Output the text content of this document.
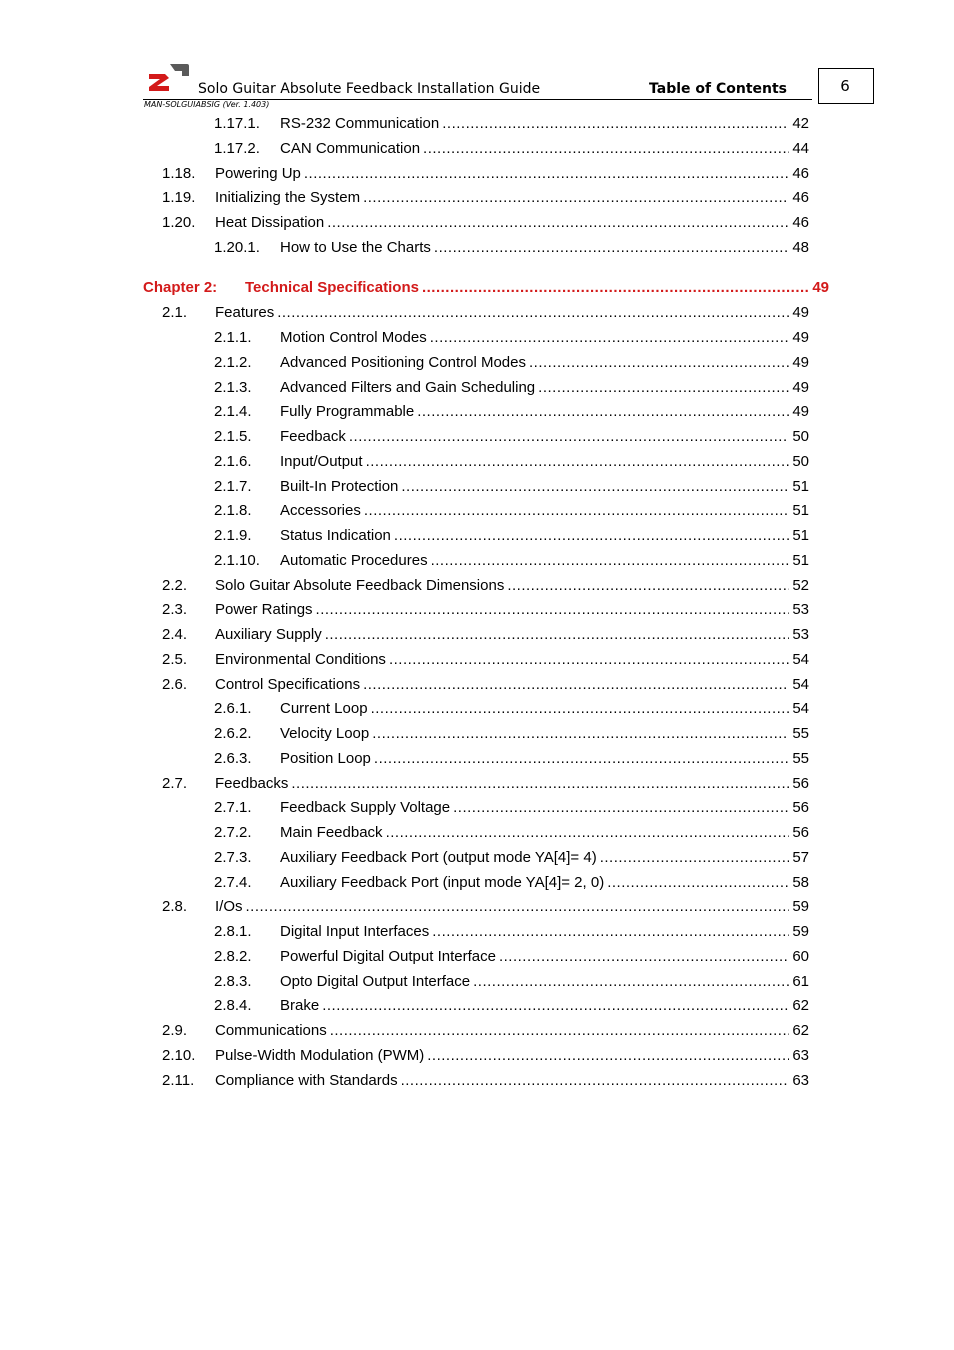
Solo Guitar Absolute Feedback Installation Guide	Table of Contents
MAN-SOLGUIABSIG (Ver. 1.403)
6
1.17.1.	RS-232 Communication .....	42
1.17.2.	CAN Communication .....	44
1.18.	Powering Up .....	46
1.19.	Initializing the System .....	46
1.20.	Heat Dissipation .....	46
1.20.1.	How to Use the Charts .....	48
Chapter 2:	Technical Specifications .....	49
2.1.	Features .....	49
2.1.1.	Motion Control Modes .....	49
2.1.2.	Advanced Positioning Control Modes .....	49
2.1.3.	Advanced Filters and Gain Scheduling .....	49
2.1.4.	Fully Programmable .....	49
2.1.5.	Feedback .....	50
2.1.6.	Input/Output .....	50
2.1.7.	Built-In Protection .....	51
2.1.8.	Accessories .....	51
2.1.9.	Status Indication .....	51
2.1.10.	Automatic Procedures .....	51
2.2.	Solo Guitar Absolute Feedback Dimensions .....	52
2.3.	Power Ratings .....	53
2.4.	Auxiliary Supply .....	53
2.5.	Environmental Conditions .....	54
2.6.	Control Specifications .....	54
2.6.1.	Current Loop .....	54
2.6.2.	Velocity Loop .....	55
2.6.3.	Position Loop .....	55
2.7.	Feedbacks .....	56
2.7.1.	Feedback Supply Voltage .....	56
2.7.2.	Main Feedback .....	56
2.7.3.	Auxiliary Feedback Port (output mode YA[4]= 4) .....	57
2.7.4.	Auxiliary Feedback Port (input mode YA[4]= 2, 0) .....	58
2.8.	I/Os .....	59
2.8.1.	Digital Input Interfaces .....	59
2.8.2.	Powerful Digital Output Interface .....	60
2.8.3.	Opto Digital Output Interface .....	61
2.8.4.	Brake .....	62
2.9.	Communications .....	62
2.10.	Pulse-Width Modulation (PWM) .....	63
2.11.	Compliance with Standards .....	63
